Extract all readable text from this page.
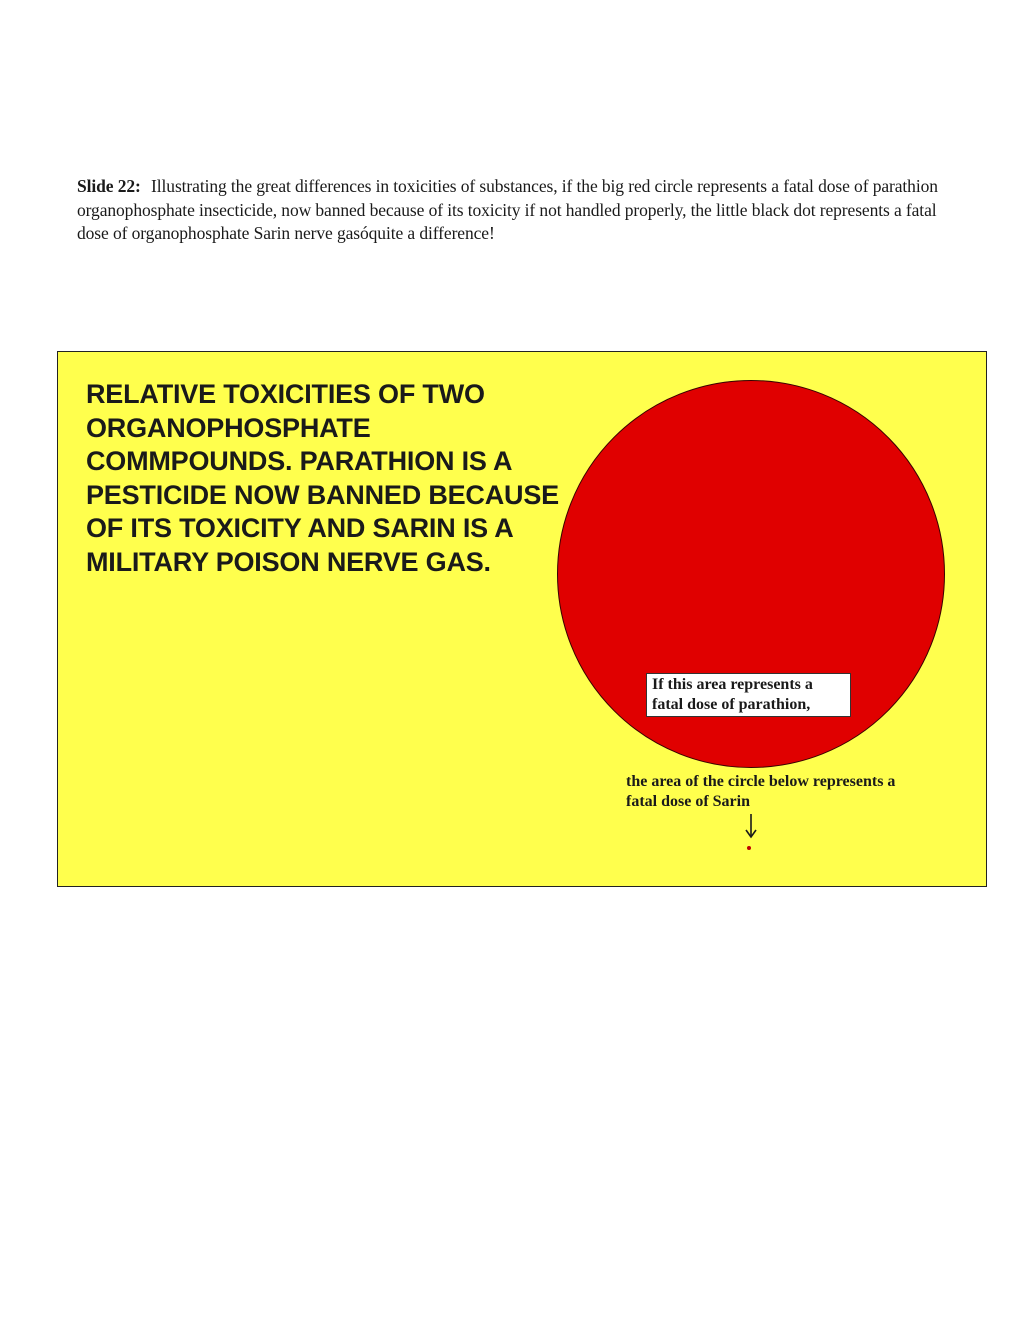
Slide 22: Illustrating the great differences in toxicities of substances, if the big red circle represents a fatal dose of parathion organophosphate insecticide, now banned because of its toxicity if not handled properly, the little black dot represents a fatal dose of organophosphate Sarin nerve gasóquite a difference!
RELATIVE TOXICITIES OF TWO ORGANOPHOSPHATE COMMPOUNDS. PARATHION IS A PESTICIDE NOW BANNED BECAUSE OF ITS TOXICITY AND SARIN IS A MILITARY POISON NERVE GAS.
If this area represents a fatal dose of parathion,
the area of the circle below represents a fatal dose of Sarin
